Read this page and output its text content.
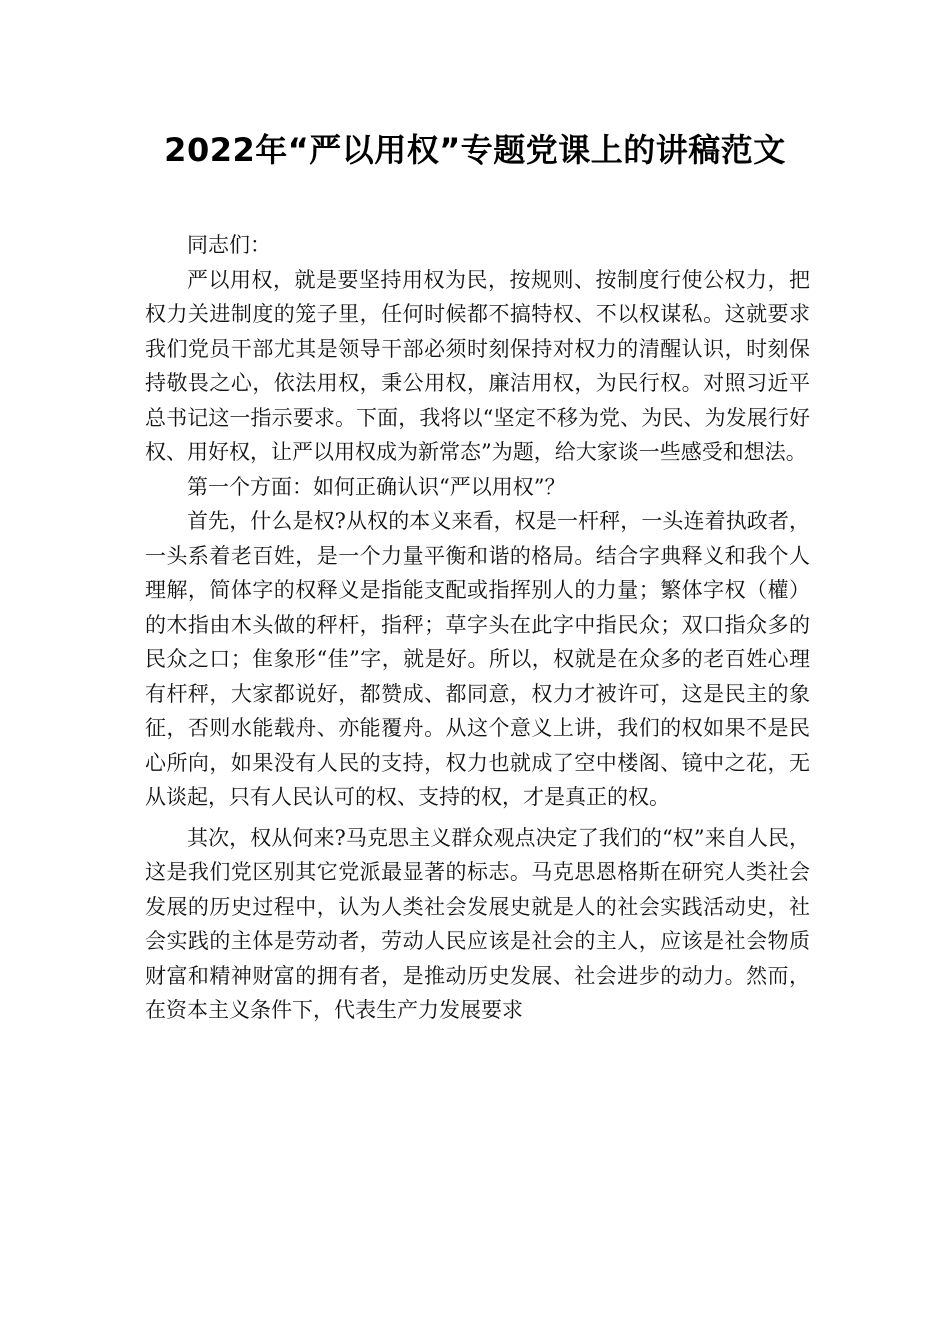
2022年“严以用权”专题党课上的讲稿范文

同志们：

严以用权，就是要坚持用权为民，按规则、按制度行使公权力，把权力关进制度的笼子里，任何时候都不搞特权、不以权谋私。这就要求我们党员干部尤其是领导干部必须时刻保持对权力的清醒认识，时刻保持敬畏之心，依法用权，秉公用权，廉洁用权，为民行权。对照习近平总书记这一指示要求。下面，我将以“坚定不移为党、为民、为发展行好权、用好权，让严以用权成为新常态”为题，给大家谈一些感受和想法。

第一个方面：如何正确认识“严以用权”？

首先，什么是权?从权的本义来看，权是一杆秤，一头连着执政者，一头系着老百姓，是一个力量平衡和谐的格局。结合字典释义和我个人理解，简体字的权释义是指能支配或指挥别人的力量；繁体字权（權）的木指由木头做的秤杆，指秤；草字头在此字中指民众；双口指众多的民众之口；隹象形“佳”字，就是好。所以，权就是在众多的老百姓心理有杆秤，大家都说好，都赞成、都同意，权力才被许可，这是民主的象征，否则水能载舟、亦能覆舟。从这个意义上讲，我们的权如果不是民心所向，如果没有人民的支持，权力也就成了空中楼阁、镜中之花，无从谈起，只有人民认可的权、支持的权，才是真正的权。

其次，权从何来?马克思主义群众观点决定了我们的“权”来自人民，这是我们党区别其它党派最显著的标志。马克思恩格斯在研究人类社会发展的历史过程中，认为人类社会发展史就是人的社会实践活动史，社会实践的主体是劳动者，劳动人民应该是社会的主人，应该是社会物质财富和精神财富的拥有者，是推动历史发展、社会进步的动力。然而，在资本主义条件下，代表生产力发展要求
